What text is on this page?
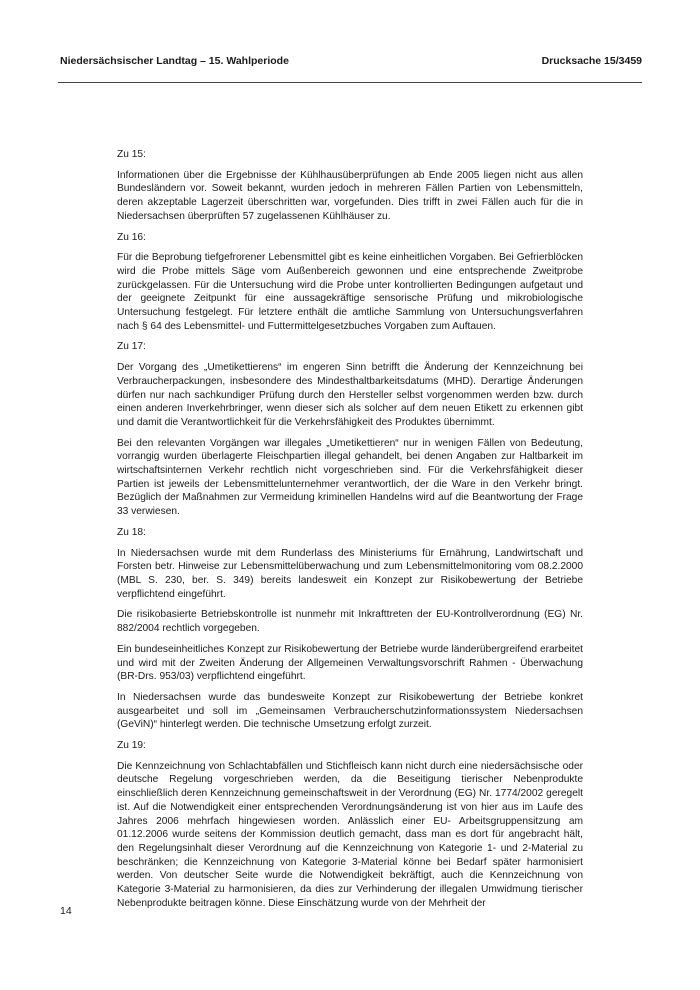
Niedersächsischer Landtag – 15. Wahlperiode	Drucksache 15/3459

Zu 15:

Informationen über die Ergebnisse der Kühlhausüberprüfungen ab Ende 2005 liegen nicht aus allen Bundesländern vor. Soweit bekannt, wurden jedoch in mehreren Fällen Partien von Lebensmitteln, deren akzeptable Lagerzeit überschritten war, vorgefunden. Dies trifft in zwei Fällen auch für die in Niedersachsen überprüften 57 zugelassenen Kühlhäuser zu.

Zu 16:

Für die Beprobung tiefgefrorener Lebensmittel gibt es keine einheitlichen Vorgaben. Bei Gefrierblöcken wird die Probe mittels Säge vom Außenbereich gewonnen und eine entsprechende Zweitprobe zurückgelassen. Für die Untersuchung wird die Probe unter kontrollierten Bedingungen aufgetaut und der geeignete Zeitpunkt für eine aussagekräftige sensorische Prüfung und mikrobiologische Untersuchung festgelegt. Für letztere enthält die amtliche Sammlung von Untersuchungsverfahren nach § 64 des Lebensmittel- und Futtermittelgesetzbuches Vorgaben zum Auftauen.

Zu 17:

Der Vorgang des „Umetikettierens“ im engeren Sinn betrifft die Änderung der Kennzeichnung bei Verbraucherpackungen, insbesondere des Mindesthaltbarkeitsdatums (MHD). Derartige Änderungen dürfen nur nach sachkundiger Prüfung durch den Hersteller selbst vorgenommen werden bzw. durch einen anderen Inverkehrbringer, wenn dieser sich als solcher auf dem neuen Etikett zu erkennen gibt und damit die Verantwortlichkeit für die Verkehrsfähigkeit des Produktes übernimmt.

Bei den relevanten Vorgängen war illegales „Umetikettieren“ nur in wenigen Fällen von Bedeutung, vorrangig wurden überlagerte Fleischpartien illegal gehandelt, bei denen Angaben zur Haltbarkeit im wirtschaftsinternen Verkehr rechtlich nicht vorgeschrieben sind. Für die Verkehrsfähigkeit dieser Partien ist jeweils der Lebensmittelunternehmer verantwortlich, der die Ware in den Verkehr bringt. Bezüglich der Maßnahmen zur Vermeidung kriminellen Handelns wird auf die Beantwortung der Frage 33 verwiesen.

Zu 18:

In Niedersachsen wurde mit dem Runderlass des Ministeriums für Ernährung, Landwirtschaft und Forsten betr. Hinweise zur Lebensmittelüberwachung und zum Lebensmittelmonitoring vom 08.2.2000 (MBL S. 230, ber. S. 349) bereits landesweit ein Konzept zur Risikobewertung der Betriebe verpflichtend eingeführt.

Die risikobasierte Betriebskontrolle ist nunmehr mit Inkrafttreten der EU-Kontrollverordnung (EG) Nr. 882/2004 rechtlich vorgegeben.

Ein bundeseinheitliches Konzept zur Risikobewertung der Betriebe wurde länderübergreifend erarbeitet und wird mit der Zweiten Änderung der Allgemeinen Verwaltungsvorschrift Rahmen - Überwachung (BR-Drs. 953/03) verpflichtend eingeführt.

In Niedersachsen wurde das bundesweite Konzept zur Risikobewertung der Betriebe konkret ausgearbeitet und soll im „Gemeinsamen Verbraucherschutzinformationssystem Niedersachsen (GeViN)“ hinterlegt werden. Die technische Umsetzung erfolgt zurzeit.

Zu 19:

Die Kennzeichnung von Schlachtabfällen und Stichfleisch kann nicht durch eine niedersächsische oder deutsche Regelung vorgeschrieben werden, da die Beseitigung tierischer Nebenprodukte einschließlich deren Kennzeichnung gemeinschaftsweit in der Verordnung (EG) Nr. 1774/2002 geregelt ist. Auf die Notwendigkeit einer entsprechenden Verordnungsänderung ist von hier aus im Laufe des Jahres 2006 mehrfach hingewiesen worden. Anlässlich einer EU- Arbeitsgruppensitzung am 01.12.2006 wurde seitens der Kommission deutlich gemacht, dass man es dort für angebracht hält, den Regelungsinhalt dieser Verordnung auf die Kennzeichnung von Kategorie 1- und 2-Material zu beschränken; die Kennzeichnung von Kategorie 3-Material könne bei Bedarf später harmonisiert werden. Von deutscher Seite wurde die Notwendigkeit bekräftigt, auch die Kennzeichnung von Kategorie 3-Material zu harmonisieren, da dies zur Verhinderung der illegalen Umwidmung tierischer Nebenprodukte beitragen könne. Diese Einschätzung wurde von der Mehrheit der

14
